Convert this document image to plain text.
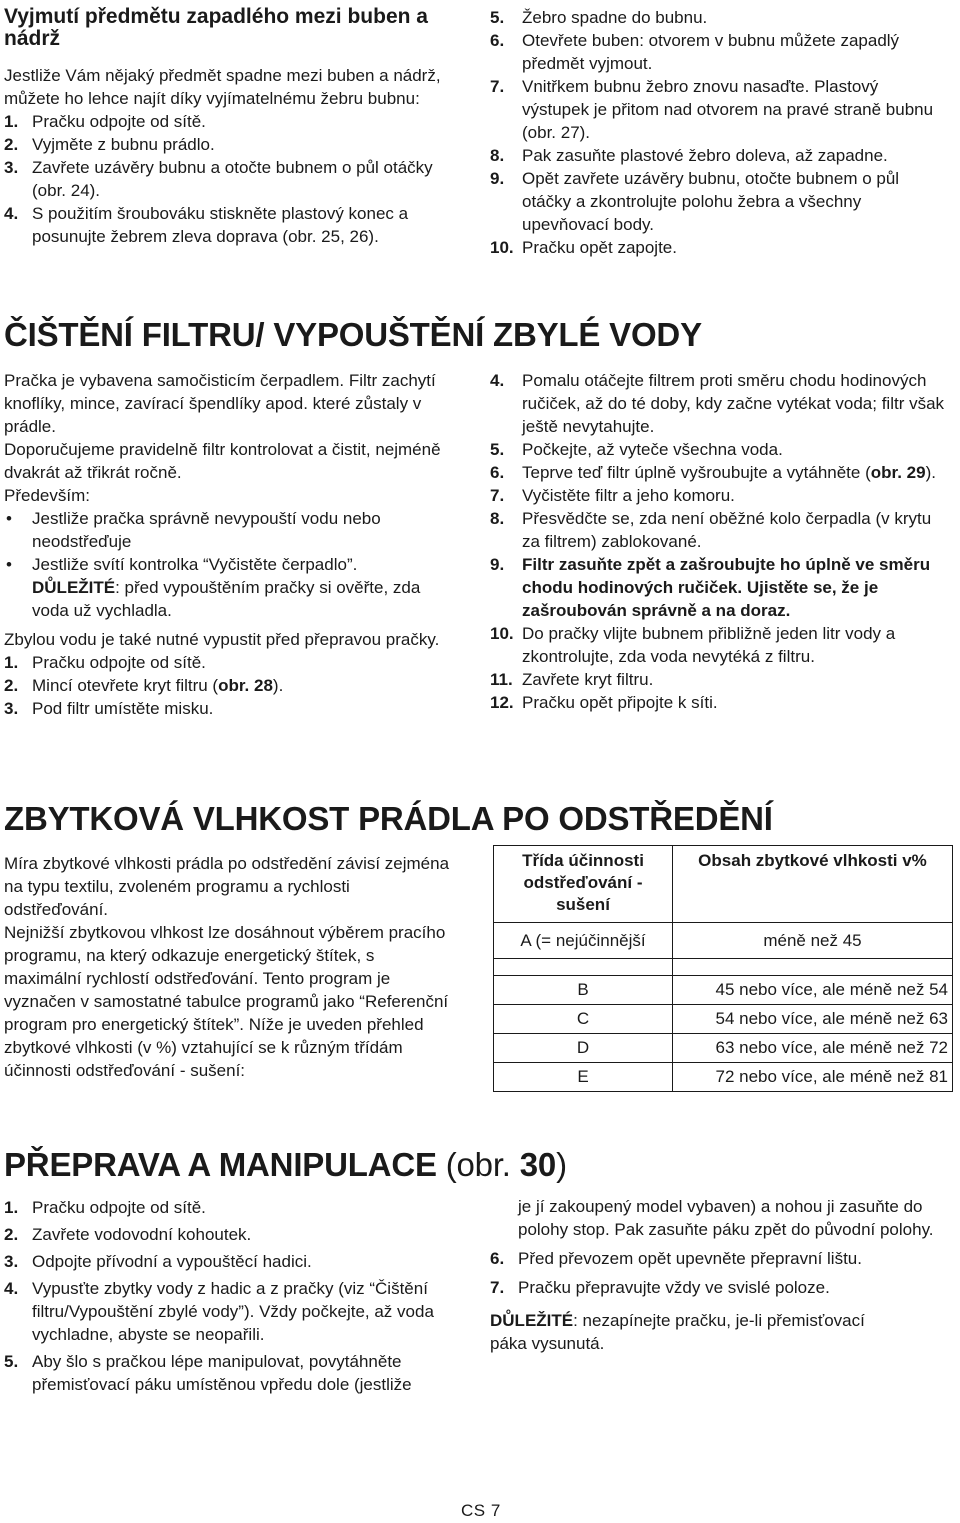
Vyjmutí předmětu zapadlého mezi buben a nádrž

Jestliže Vám nějaký předmět spadne mezi buben a nádrž, můžete ho lehce najít díky vyjímatelnému žebru bubnu:

1. Pračku odpojte od sítě.
2. Vyjměte z bubnu prádlo.
3. Zavřete uzávěry bubnu a otočte bubnem o půl otáčky (obr. 24).
4. S použitím šroubováku stiskněte plastový konec a posunujte žebrem zleva doprava (obr. 25, 26).
5. Žebro spadne do bubnu.
6. Otevřete buben: otvorem v bubnu můžete zapadlý předmět vyjmout.
7. Vnitřkem bubnu žebro znovu nasaďte. Plastový výstupek je přitom nad otvorem na pravé straně bubnu (obr. 27).
8. Pak zasuňte plastové žebro doleva, až zapadne.
9. Opět zavřete uzávěry bubnu, otočte bubnem o půl otáčky a zkontrolujte polohu žebra a všechny upevňovací body.
10. Pračku opět zapojte.
ČIŠTĚNÍ FILTRU/ VYPOUŠTĚNÍ ZBYLÉ VODY

Pračka je vybavena samočisticím čerpadlem. Filtr zachytí knoflíky, mince, zavírací špendlíky apod. které zůstaly v prádle.

Doporučujeme pravidelně filtr kontrolovat a čistit, nejméně dvakrát až třikrát ročně.

Především:

• Jestliže pračka správně nevypouští vodu nebo neodstřeďuje
• Jestliže svítí kontrolka “Vyčistěte čerpadlo”.

DŮLEŽITÉ: před vypouštěním pračky si ověřte, zda voda už vychladla.

Zbylou vodu je také nutné vypustit před přepravou pračky.

1. Pračku odpojte od sítě.
2. Mincí otevřete kryt filtru (obr. 28).
3. Pod filtr umístěte misku.
4. Pomalu otáčejte filtrem proti směru chodu hodinových ručiček, až do té doby, kdy začne vytékat voda; filtr však ještě nevytahujte.
5. Počkejte, až vyteče všechna voda.
6. Teprve teď filtr úplně vyšroubujte a vytáhněte (obr. 29).
7. Vyčistěte filtr a jeho komoru.
8. Přesvědčte se, zda není oběžné kolo čerpadla (v krytu za filtrem) zablokované.
9. Filtr zasuňte zpět a zašroubujte ho úplně ve směru chodu hodinových ručiček. Ujistěte se, že je zašroubován správně a na doraz.
10. Do pračky vlijte bubnem přibližně jeden litr vody a zkontrolujte, zda voda nevytéká z filtru.
11. Zavřete kryt filtru.
12. Pračku opět připojte k síti.
ZBYTKOVÁ VLHKOST PRÁDLA PO ODSTŘEDĚNÍ

Míra zbytkové vlhkosti prádla po odstředění závisí zejména na typu textilu, zvoleném programu a rychlosti odstřeďování.

Nejnižší zbytkovou vlhkost lze dosáhnout výběrem pracího programu, na který odkazuje energetický štítek, s maximální rychlostí odstřeďování. Tento program je vyznačen v samostatné tabulce programů jako “Referenční program pro energetický štítek”. Níže je uveden přehled zbytkové vlhkosti (v %) vztahující se k různým třídám účinnosti odstřeďování - sušení:

Třída účinnosti odstřeďování - sušení	Obsah zbytkové vlhkosti v%
A (= nejúčinnější	méně než 45

B	45 nebo více, ale méně než 54
C	54 nebo více, ale méně než 63
D	63 nebo více, ale méně než 72
E	72 nebo více, ale méně než 81
PŘEPRAVA A MANIPULACE (obr. 30)
1. Pračku odpojte od sítě.
2. Zavřete vodovodní kohoutek.
3. Odpojte přívodní a vypouštěcí hadici.
4. Vypusťte zbytky vody z hadic a z pračky (viz “Čištění filtru/Vypouštění zbylé vody”). Vždy počkejte, až voda vychladne, abyste se neopařili.
5. Aby šlo s pračkou lépe manipulovat, povytáhněte přemisťovací páku umístěnou vpředu dole (jestliže

je jí zakoupený model vybaven) a nohou ji zasuňte do polohy stop. Pak zasuňte páku zpět do původní polohy.

6. Před převozem opět upevněte přepravní lištu.
7. Pračku přepravujte vždy ve svislé poloze.

DŮLEŽITÉ: nezapínejte pračku, je-li přemisťovací páka vysunutá.

CS 7
